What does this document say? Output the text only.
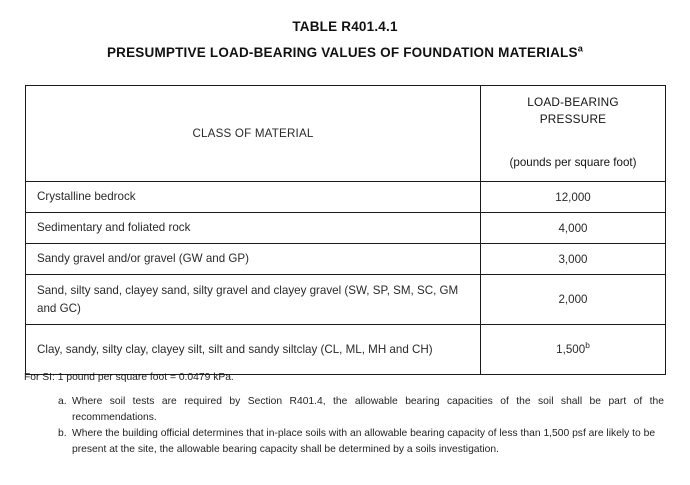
TABLE R401.4.1
PRESUMPTIVE LOAD-BEARING VALUES OF FOUNDATION MATERIALS$^a$
CLASS OF MATERIAL	LOAD-BEARING
PRESSURE
(pounds per square foot)

Crystalline bedrock	12,000
Sedimentary and foliated rock	4,000
Sandy gravel and/or gravel (GW and GP)	3,000
Sand, silty sand, clayey sand, silty gravel and clayey gravel (SW, SP, SM, SC, GM and GC)	2,000
Clay, sandy, silty clay, clayey silt, silt and sandy siltclay (CL, ML, MH and CH)	1,500$^b$
For SI: 1 pound per square foot = 0.0479 kPa.
a. Where soil tests are required by Section R401.4, the allowable bearing capacities of the soil shall be part of the recommendations.
b. Where the building official determines that in-place soils with an allowable bearing capacity of less than 1,500 psf are likely to be present at the site, the allowable bearing capacity shall be determined by a soils investigation.
